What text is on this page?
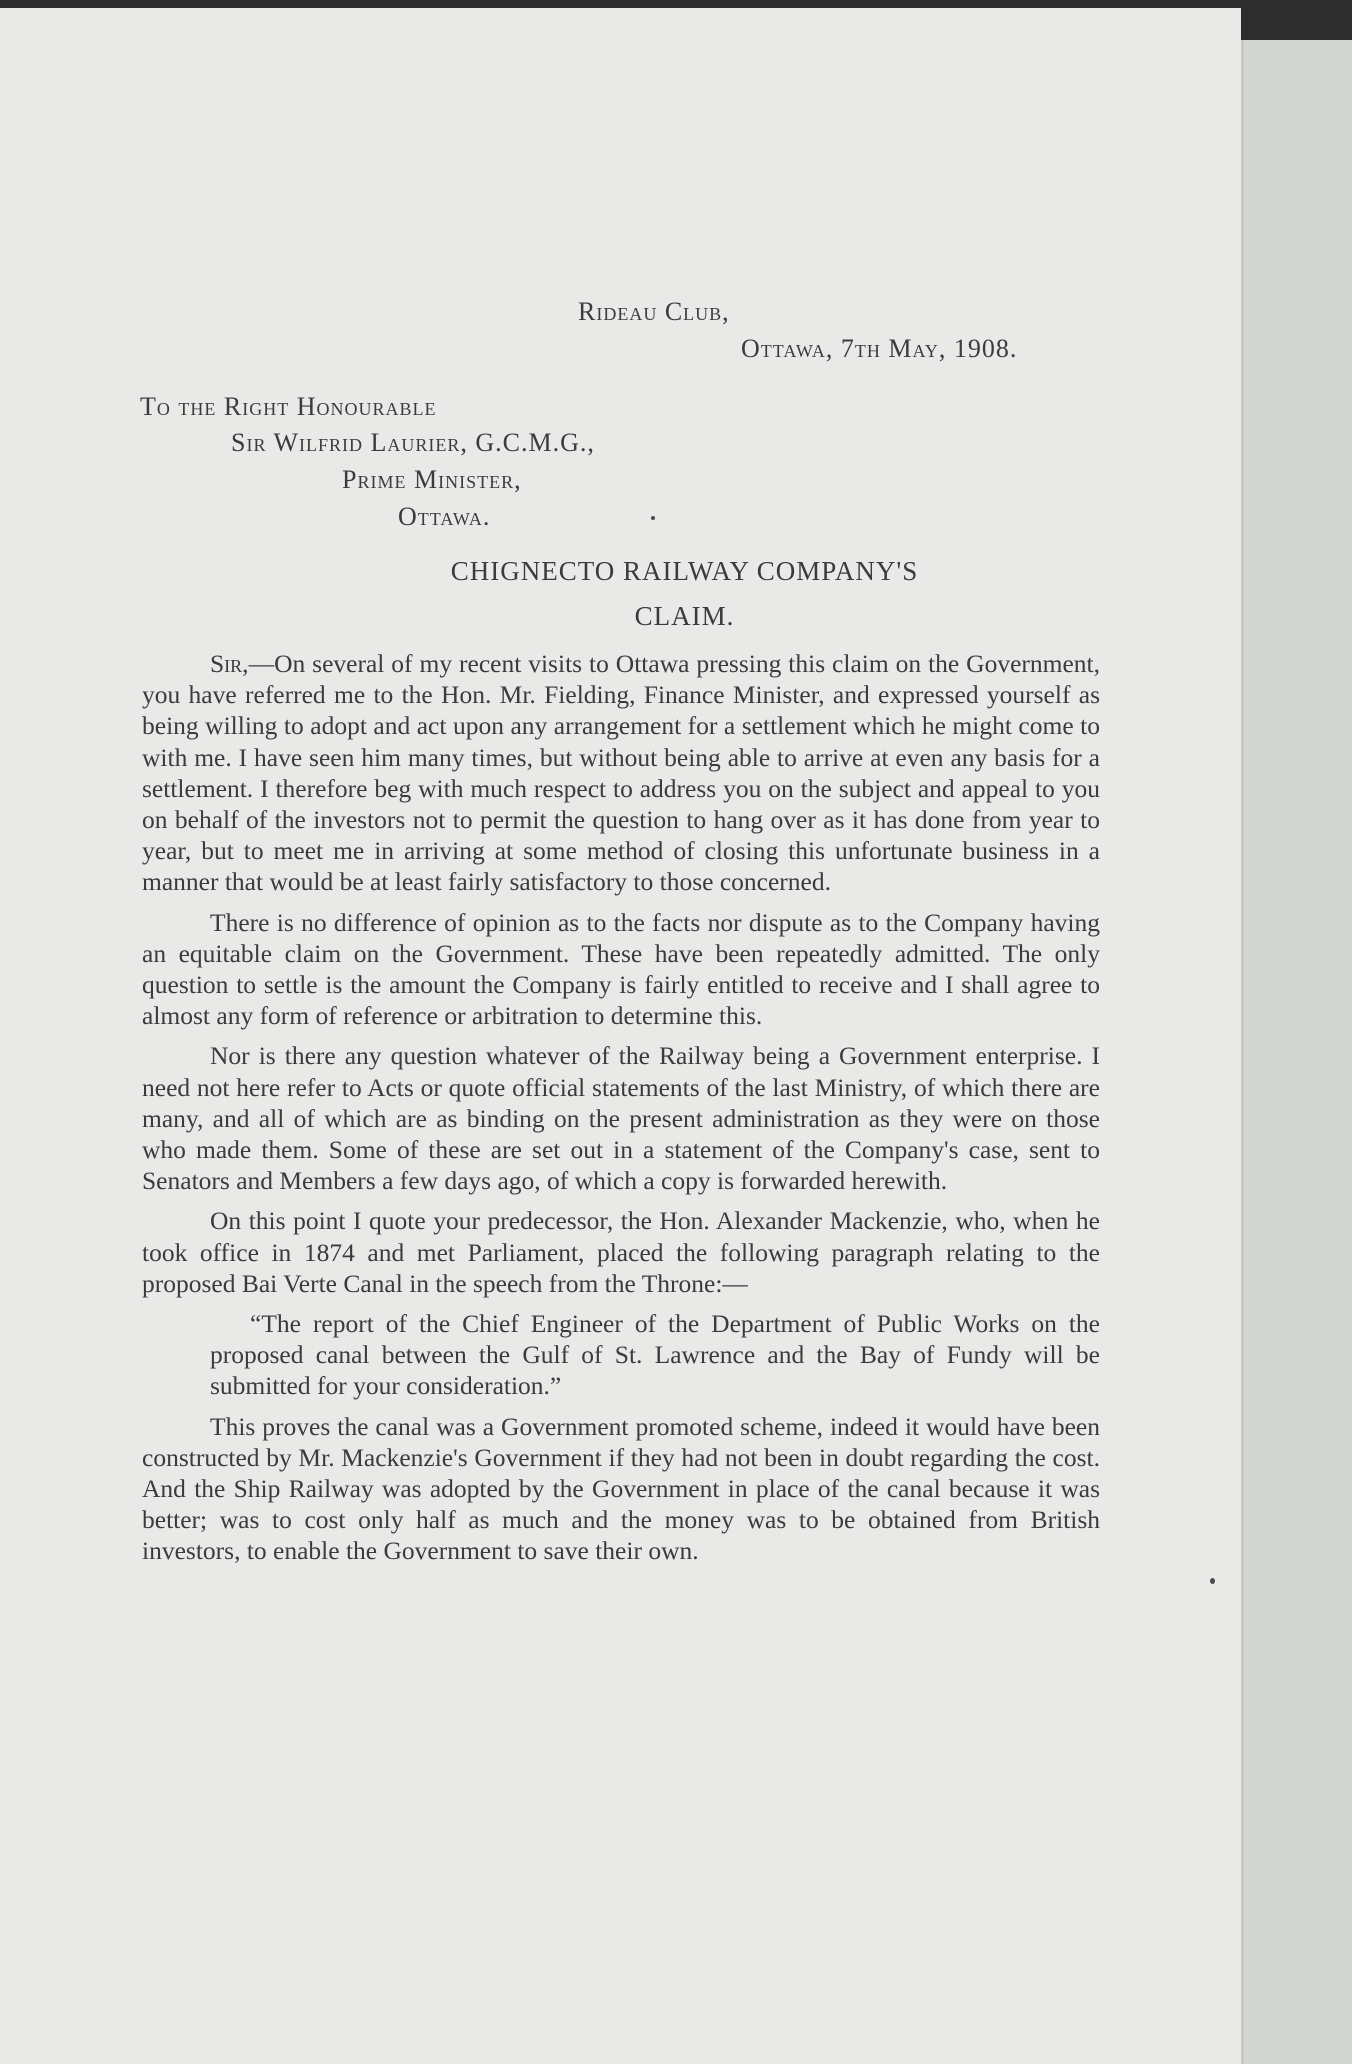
Rideau Club,
Ottawa, 7th May, 1908.
To the Right Honourable
Sir Wilfrid Laurier, G.C.M.G.,
Prime Minister,
Ottawa.
CHIGNECTO RAILWAY COMPANY'S
CLAIM.

Sir,—On several of my recent visits to Ottawa pressing this claim on the Government, you have referred me to the Hon. Mr. Fielding, Finance Minister, and expressed yourself as being willing to adopt and act upon any arrangement for a settlement which he might come to with me. I have seen him many times, but without being able to arrive at even any basis for a settlement. I therefore beg with much respect to address you on the subject and appeal to you on behalf of the investors not to permit the question to hang over as it has done from year to year, but to meet me in arriving at some method of closing this unfortunate business in a manner that would be at least fairly satisfactory to those concerned.

There is no difference of opinion as to the facts nor dispute as to the Company having an equitable claim on the Government. These have been repeatedly admitted. The only question to settle is the amount the Company is fairly entitled to receive and I shall agree to almost any form of reference or arbitration to determine this.

Nor is there any question whatever of the Railway being a Government enterprise. I need not here refer to Acts or quote official statements of the last Ministry, of which there are many, and all of which are as binding on the present administration as they were on those who made them. Some of these are set out in a statement of the Company's case, sent to Senators and Members a few days ago, of which a copy is forwarded herewith.

On this point I quote your predecessor, the Hon. Alexander Mackenzie, who, when he took office in 1874 and met Parliament, placed the following paragraph relating to the proposed Bai Verte Canal in the speech from the Throne:—

“The report of the Chief Engineer of the Department of Public Works on the proposed canal between the Gulf of St. Lawrence and the Bay of Fundy will be submitted for your consideration.”

This proves the canal was a Government promoted scheme, indeed it would have been constructed by Mr. Mackenzie's Government if they had not been in doubt regarding the cost. And the Ship Railway was adopted by the Government in place of the canal because it was better; was to cost only half as much and the money was to be obtained from British investors, to enable the Government to save their own.
